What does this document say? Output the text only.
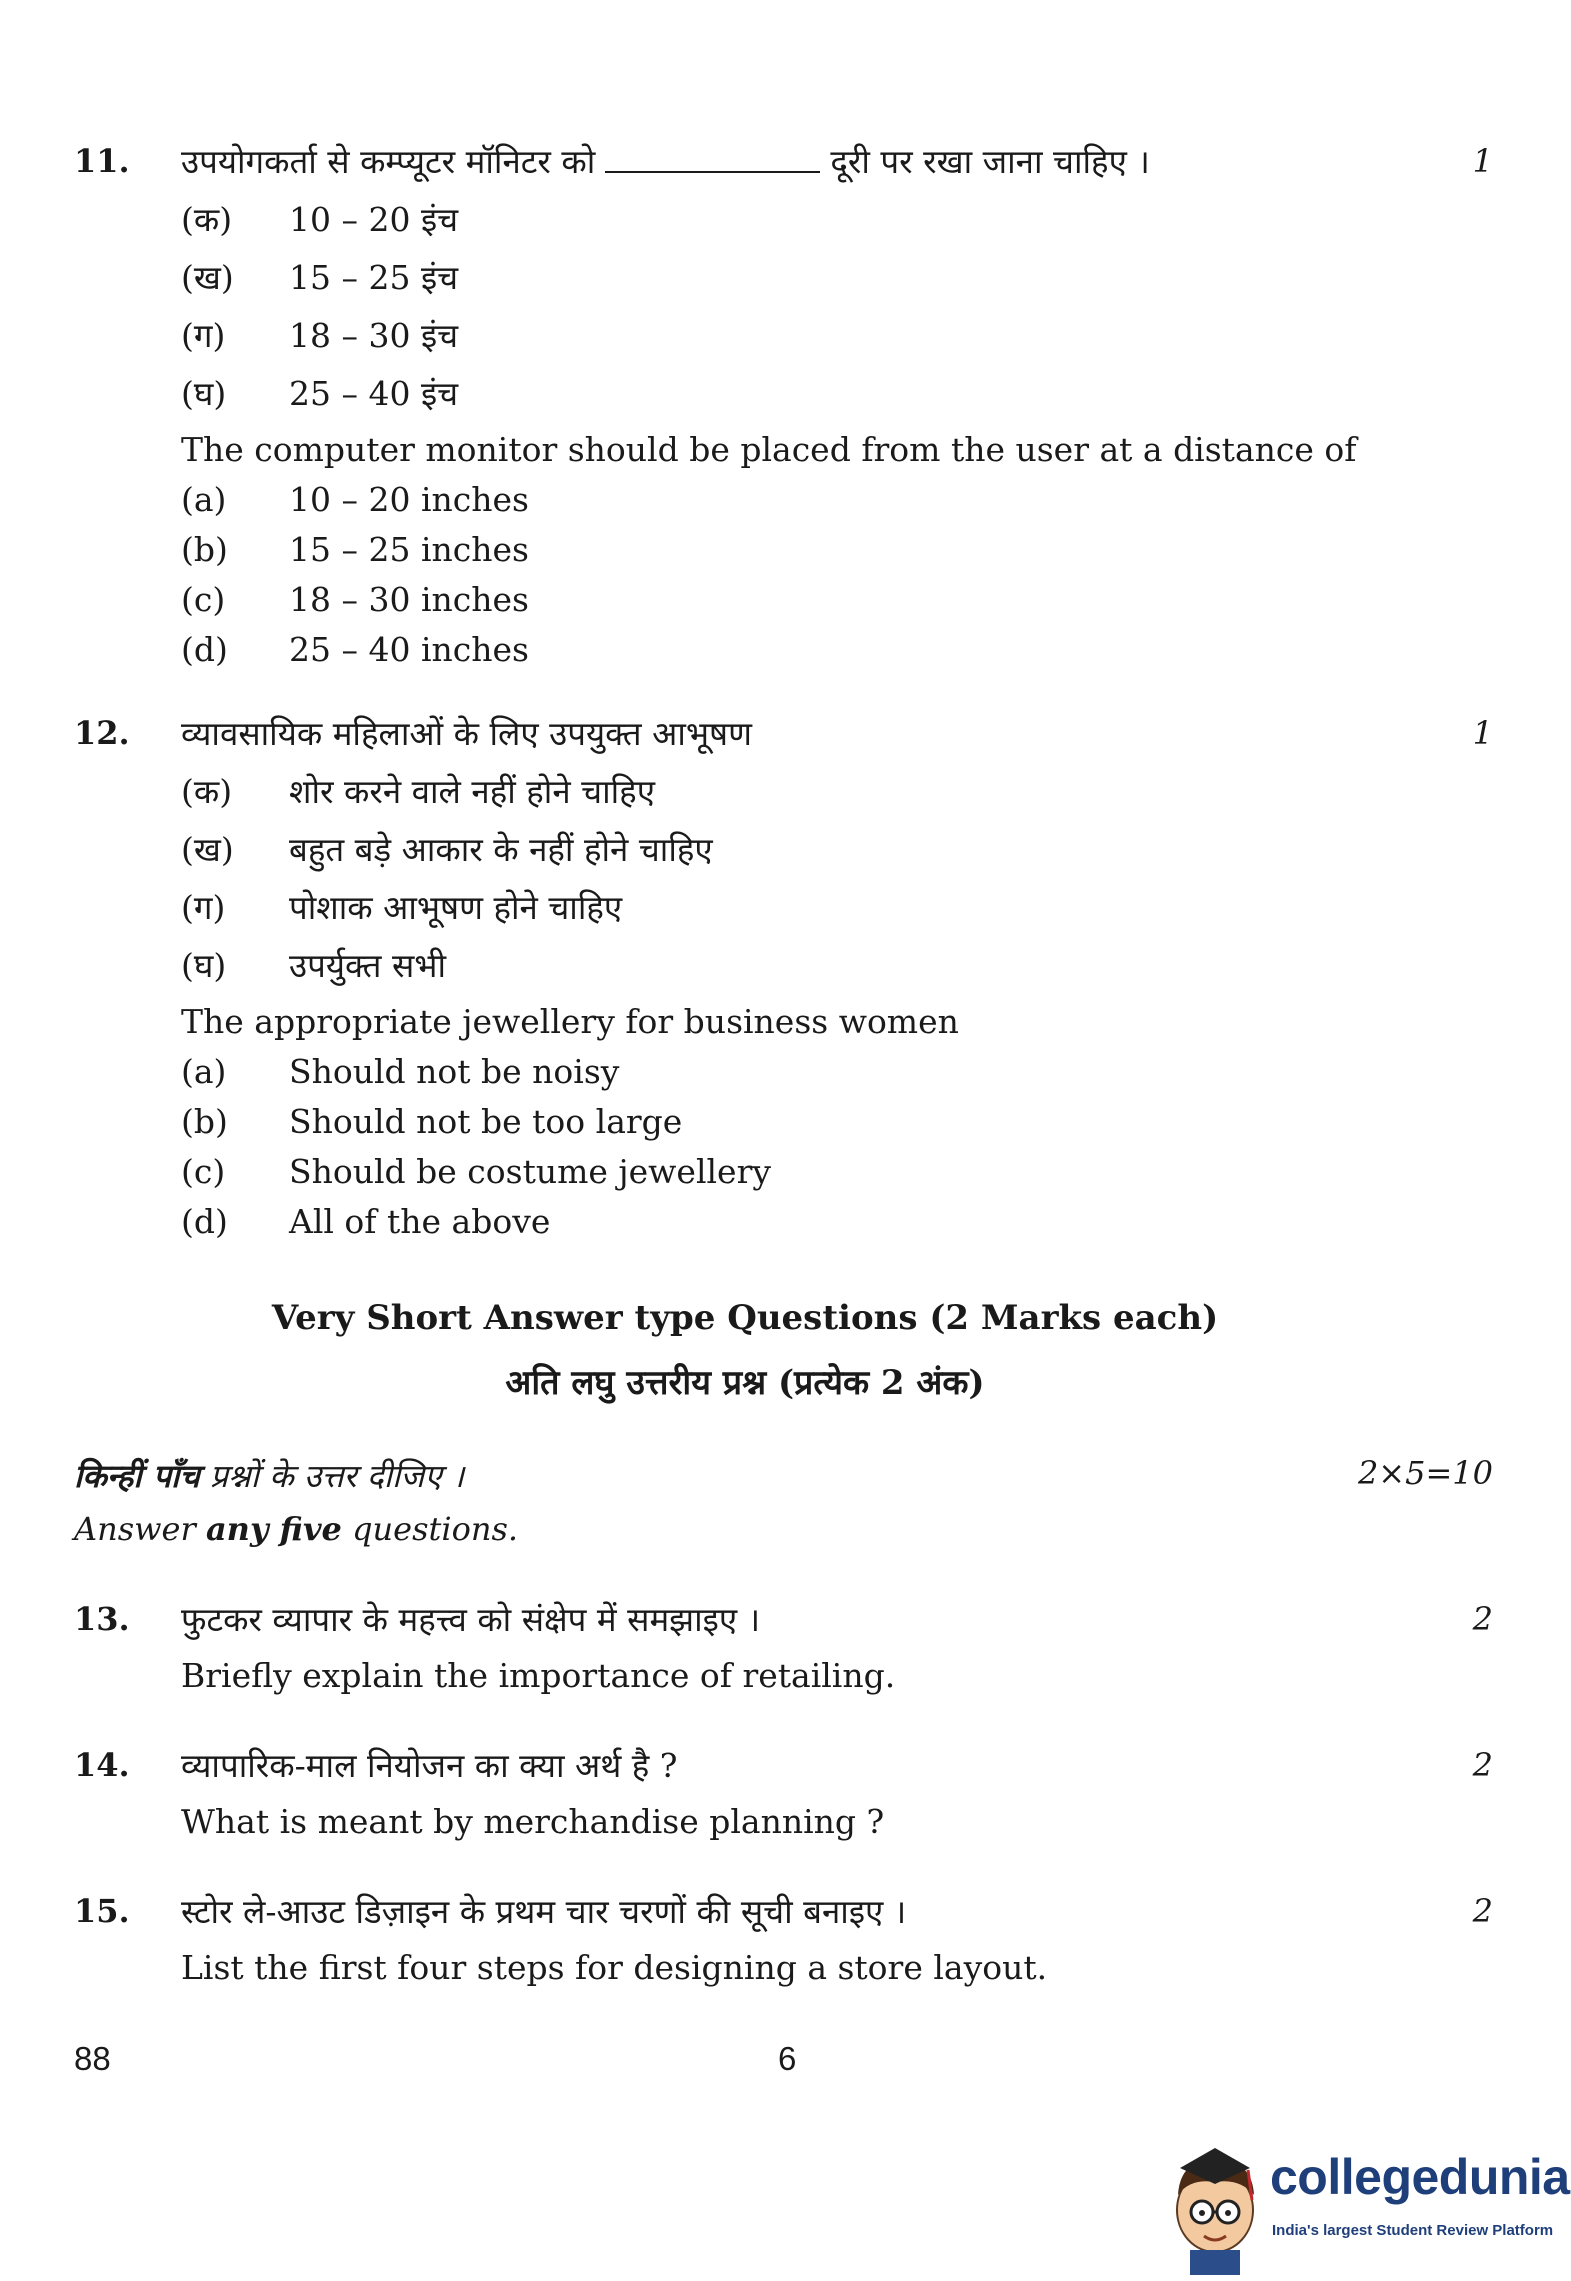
11. उपयोगकर्ता से कम्प्यूटर मॉनिटर को	दूरी पर रखा जाना चाहिए ।	1
(क) 10 – 20 इंच
(ख) 15 – 25 इंच
(ग) 18 – 30 इंच
(घ) 25 – 40 इंच
The computer monitor should be placed from the user at a distance of
(a) 10 – 20 inches
(b) 15 – 25 inches
(c) 18 – 30 inches
(d) 25 – 40 inches
12. व्यावसायिक महिलाओं के लिए उपयुक्त आभूषण	1
(क) शोर करने वाले नहीं होने चाहिए
(ख) बहुत बड़े आकार के नहीं होने चाहिए
(ग) पोशाक आभूषण होने चाहिए
(घ) उपर्युक्त सभी
The appropriate jewellery for business women
(a) Should not be noisy
(b) Should not be too large
(c) Should be costume jewellery
(d) All of the above
Very Short Answer type Questions (2 Marks each)
अति लघु उत्तरीय प्रश्न (प्रत्येक 2 अंक)
किन्हीं पाँच प्रश्नों के उत्तर दीजिए ।	2×5=10
Answer any five questions.
13. फुटकर व्यापार के महत्त्व को संक्षेप में समझाइए ।	2
Briefly explain the importance of retailing.
14. व्यापारिक-माल नियोजन का क्या अर्थ है ?	2
What is meant by merchandise planning ?
15. स्टोर ले-आउट डिज़ाइन के प्रथम चार चरणों की सूची बनाइए ।	2
List the first four steps for designing a store layout.
88	6
collegedunia
India's largest Student Review Platform
